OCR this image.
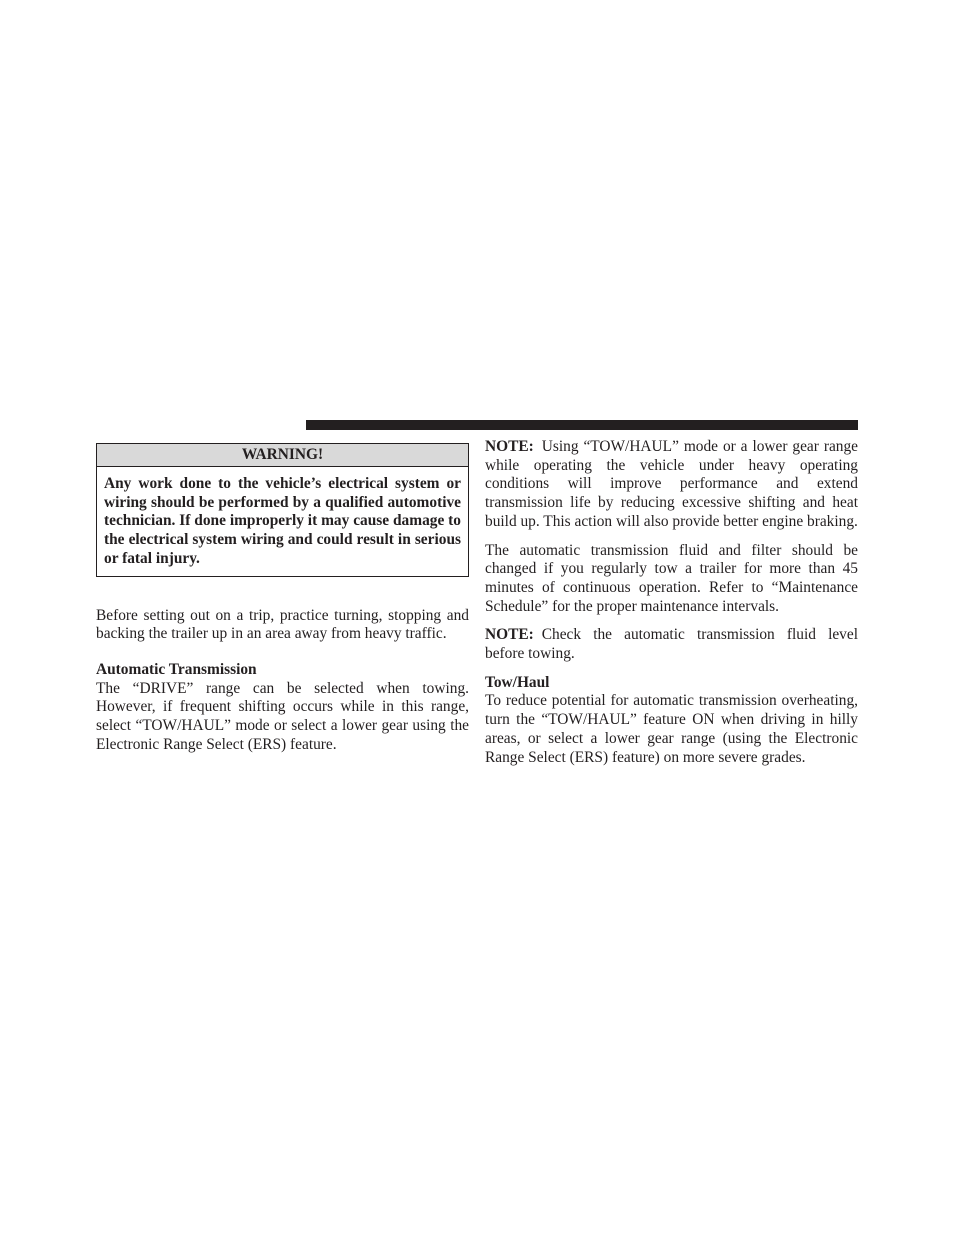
WARNING!
Any work done to the vehicle’s electrical system or wiring should be performed by a qualified automotive technician. If done improperly it may cause damage to the electrical system wiring and could result in serious or fatal injury.

Before setting out on a trip, practice turning, stopping and backing the trailer up in an area away from heavy traffic.

Automatic Transmission

The “DRIVE” range can be selected when towing. However, if frequent shifting occurs while in this range, select “TOW/HAUL” mode or select a lower gear using the Electronic Range Select (ERS) feature.

NOTE: Using “TOW/HAUL” mode or a lower gear range while operating the vehicle under heavy operating conditions will improve performance and extend transmission life by reducing excessive shifting and heat build up. This action will also provide better engine braking.

The automatic transmission fluid and filter should be changed if you regularly tow a trailer for more than 45 minutes of continuous operation. Refer to “Maintenance Schedule” for the proper maintenance intervals.

NOTE: Check the automatic transmission fluid level before towing.

Tow/Haul

To reduce potential for automatic transmission overheating, turn the “TOW/HAUL” feature ON when driving in hilly areas, or select a lower gear range (using the Electronic Range Select (ERS) feature) on more severe grades.
